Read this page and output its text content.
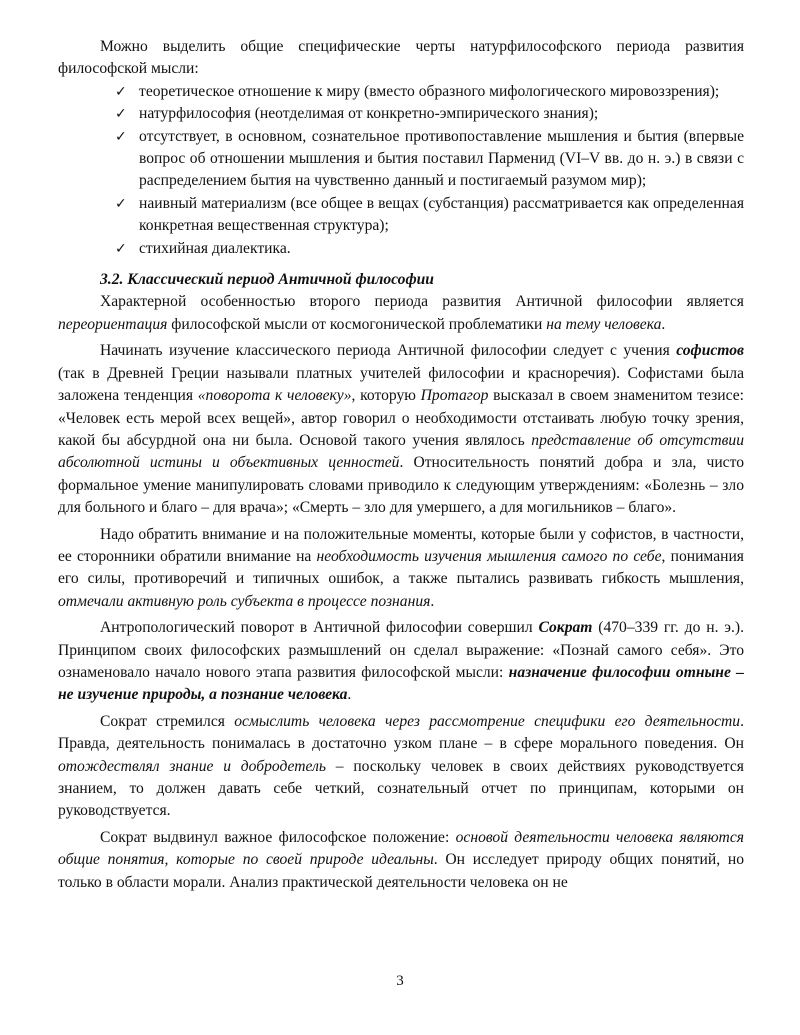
Можно выделить общие специфические черты натурфилософского периода развития философской мысли:

✓ теоретическое отношение к миру (вместо образного мифологического мировоззрения);
✓ натурфилософия (неотделимая от конкретно-эмпирического знания);
✓ отсутствует, в основном, сознательное противопоставление мышления и бытия (впервые вопрос об отношении мышления и бытия поставил Парменид (VI–V вв. до н. э.) в связи с распределением бытия на чувственно данный и постигаемый разумом мир);
✓ наивный материализм (все общее в вещах (субстанция) рассматривается как определенная конкретная вещественная структура);
✓ стихийная диалектика.
3.2. Классический период Античной философии

Характерной особенностью второго периода развития Античной философии является переориентация философской мысли от космогонической проблематики на тему человека.

Начинать изучение классического периода Античной философии следует с учения софистов (так в Древней Греции называли платных учителей философии и красноречия). Софистами была заложена тенденция «поворота к человеку», которую Протагор высказал в своем знаменитом тезисе: «Человек есть мерой всех вещей», автор говорил о необходимости отстаивать любую точку зрения, какой бы абсурдной она ни была. Основой такого учения являлось представление об отсутствии абсолютной истины и объективных ценностей. Относительность понятий добра и зла, чисто формальное умение манипулировать словами приводило к следующим утверждениям: «Болезнь – зло для больного и благо – для врача»; «Смерть – зло для умершего, а для могильников – благо».

Надо обратить внимание и на положительные моменты, которые были у софистов, в частности, ее сторонники обратили внимание на необходимость изучения мышления самого по себе, понимания его силы, противоречий и типичных ошибок, а также пытались развивать гибкость мышления, отмечали активную роль субъекта в процессе познания.

Антропологический поворот в Античной философии совершил Сократ (470–339 гг. до н. э.). Принципом своих философских размышлений он сделал выражение: «Познай самого себя». Это ознаменовало начало нового этапа развития философской мысли: назначение философии отныне – не изучение природы, а познание человека.

Сократ стремился осмыслить человека через рассмотрение специфики его деятельности. Правда, деятельность понималась в достаточно узком плане – в сфере морального поведения. Он отождествлял знание и добродетель – поскольку человек в своих действиях руководствуется знанием, то должен давать себе четкий, сознательный отчет по принципам, которыми он руководствуется.

Сократ выдвинул важное философское положение: основой деятельности человека являются общие понятия, которые по своей природе идеальны. Он исследует природу общих понятий, но только в области морали. Анализ практической деятельности человека он не

3
